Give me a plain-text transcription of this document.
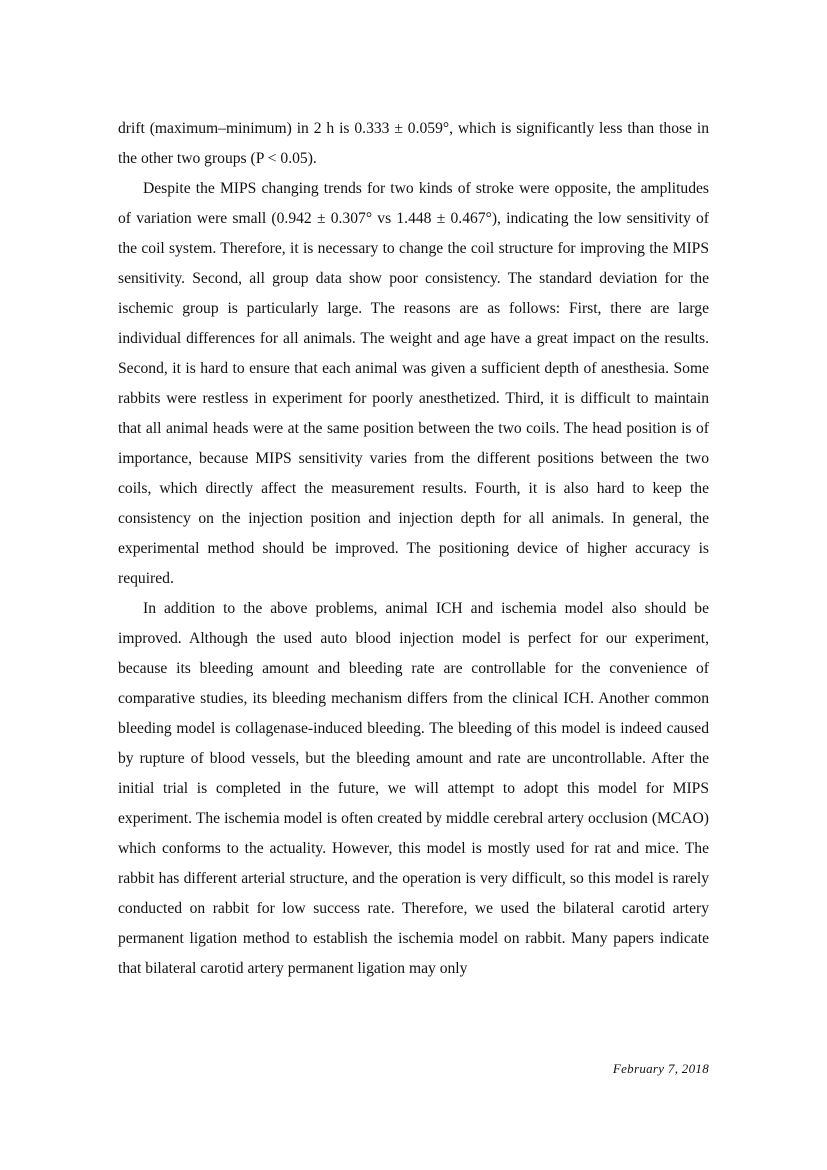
drift (maximum–minimum) in 2 h is 0.333 ± 0.059°, which is significantly less than those in the other two groups (P < 0.05).

Despite the MIPS changing trends for two kinds of stroke were opposite, the amplitudes of variation were small (0.942 ± 0.307° vs 1.448 ± 0.467°), indicating the low sensitivity of the coil system. Therefore, it is necessary to change the coil structure for improving the MIPS sensitivity. Second, all group data show poor consistency. The standard deviation for the ischemic group is particularly large. The reasons are as follows: First, there are large individual differences for all animals. The weight and age have a great impact on the results. Second, it is hard to ensure that each animal was given a sufficient depth of anesthesia. Some rabbits were restless in experiment for poorly anesthetized. Third, it is difficult to maintain that all animal heads were at the same position between the two coils. The head position is of importance, because MIPS sensitivity varies from the different positions between the two coils, which directly affect the measurement results. Fourth, it is also hard to keep the consistency on the injection position and injection depth for all animals. In general, the experimental method should be improved. The positioning device of higher accuracy is required.

In addition to the above problems, animal ICH and ischemia model also should be improved. Although the used auto blood injection model is perfect for our experiment, because its bleeding amount and bleeding rate are controllable for the convenience of comparative studies, its bleeding mechanism differs from the clinical ICH. Another common bleeding model is collagenase-induced bleeding. The bleeding of this model is indeed caused by rupture of blood vessels, but the bleeding amount and rate are uncontrollable. After the initial trial is completed in the future, we will attempt to adopt this model for MIPS experiment. The ischemia model is often created by middle cerebral artery occlusion (MCAO) which conforms to the actuality. However, this model is mostly used for rat and mice. The rabbit has different arterial structure, and the operation is very difficult, so this model is rarely conducted on rabbit for low success rate. Therefore, we used the bilateral carotid artery permanent ligation method to establish the ischemia model on rabbit. Many papers indicate that bilateral carotid artery permanent ligation may only

February 7, 2018
